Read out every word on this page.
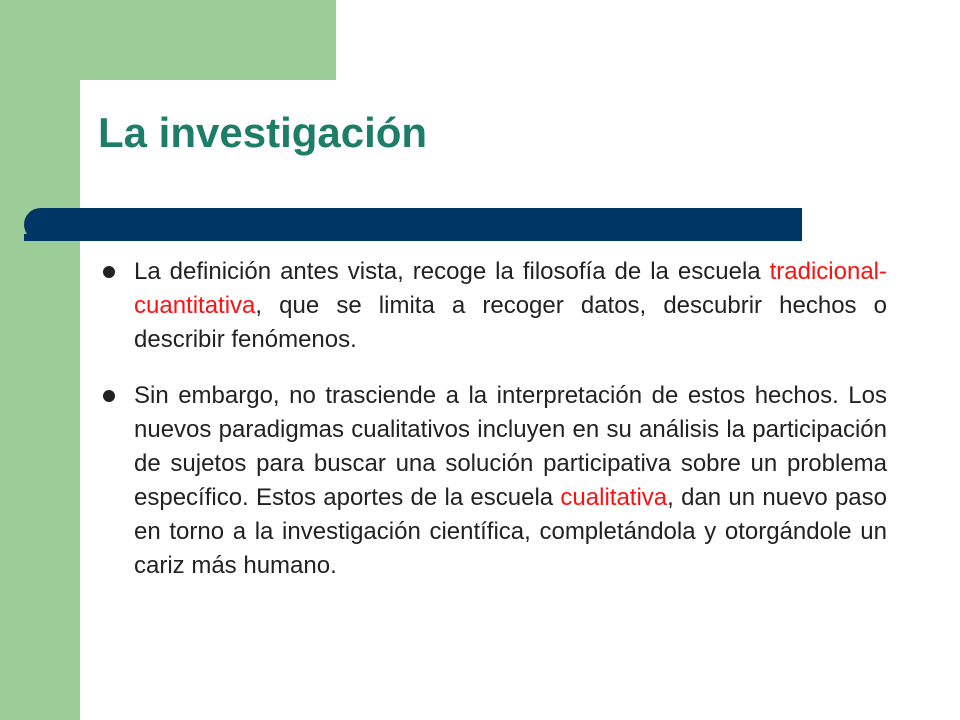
La investigación
La definición antes vista, recoge la filosofía de la escuela tradicional-cuantitativa, que se limita a recoger datos, descubrir hechos o describir fenómenos.
Sin embargo, no trasciende a la interpretación de estos hechos. Los nuevos paradigmas cualitativos incluyen en su análisis la participación de sujetos para buscar una solución participativa sobre un problema específico. Estos aportes de la escuela cualitativa, dan un nuevo paso en torno a la investigación científica, completándola y otorgándole un cariz más humano.
